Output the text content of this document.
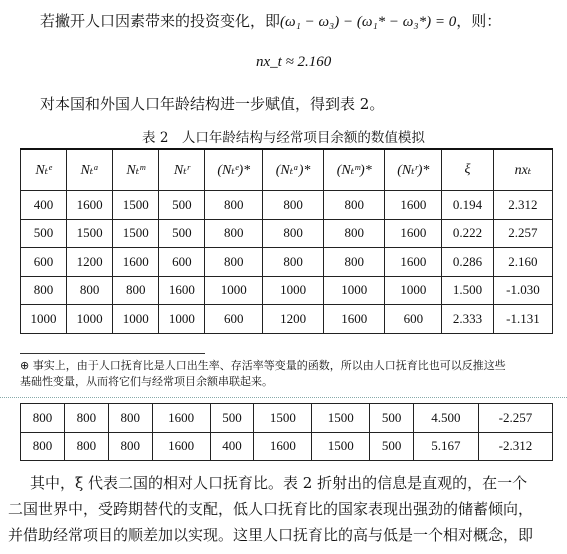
若撇开人口因素带来的投资变化，即(ω₁ − ω₃) − (ω₁* − ω₃*) = 0，则：
nx_t ≈ 2.160
对本国和外国人口年龄结构进一步赋值，得到表 2。
表 2　人口年龄结构与经常项目余额的数值模拟
Nₜᵉ	Nₜᵃ	Nₜᵐ	Nₜʳ	(Nₜᵉ)*	(Nₜᵃ)*	(Nₜᵐ)*	(Nₜʳ)*	ξ	nxₜ
400	1600	1500	500	800	800	800	1600	0.194	2.312
500	1500	1500	500	800	800	800	1600	0.222	2.257
600	1200	1600	600	800	800	800	1600	0.286	2.160
800	800	800	1600	1000	1000	1000	1000	1.500	-1.030
1000	1000	1000	1000	600	1200	1600	600	2.333	-1.131
⊕ 事实上，由于人口抚育比是人口出生率、存活率等变量的函数，所以由人口抚育比也可以反推这些
基础性变量，从而将它们与经常项目余额串联起来。
800	800	800	1600	500	1500	1500	500	4.500	-2.257
800	800	800	1600	400	1600	1500	500	5.167	-2.312
其中，ξ 代表二国的相对人口抚育比。表 2 折射出的信息是直观的，在一个
二国世界中，受跨期替代的支配，低人口抚育比的国家表现出强劲的储蓄倾向，
并借助经常项目的顺差加以实现。这里人口抚育比的高与低是一个相对概念，即
